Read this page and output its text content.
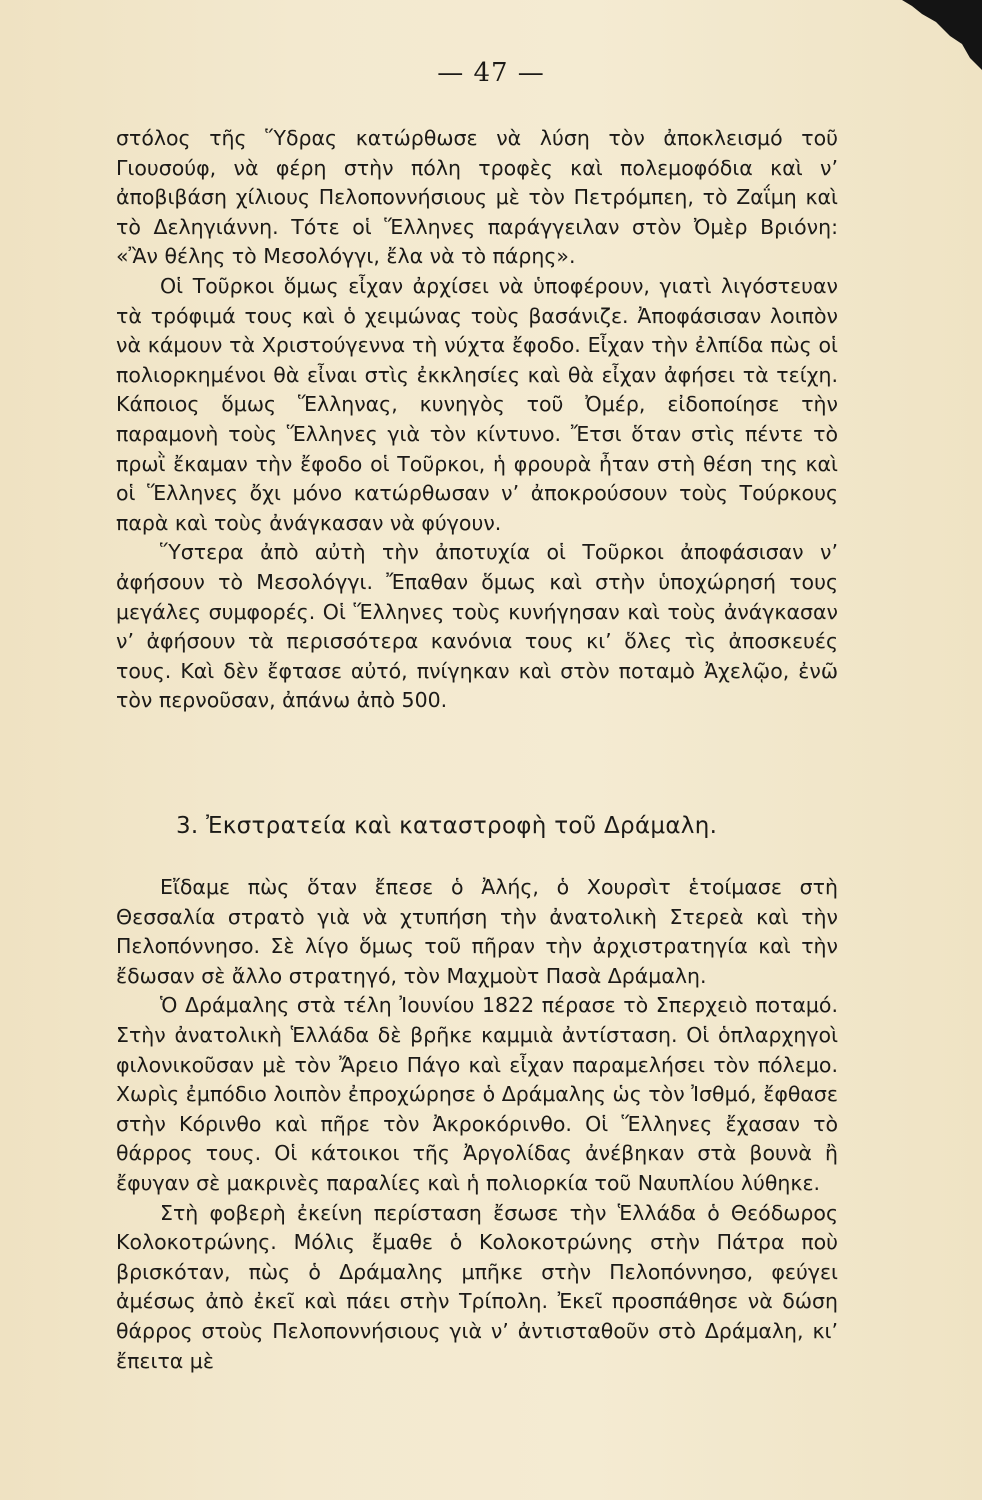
— 47 —

στόλος τῆς Ὕδρας κατώρθωσε νὰ λύση τὸν ἀποκλεισμό τοῦ Γιουσούφ, νὰ φέρη στὴν πόλη τροφὲς καὶ πολεμοφόδια καὶ ν’ ἀποβιβάση χίλιους Πελοποννήσιους μὲ τὸν Πετρόμπεη, τὸ Ζαΐμη καὶ τὸ Δεληγιάννη. Τότε οἱ Ἕλληνες παράγγειλαν στὸν Ὀμὲρ Βριόνη: «Ἂν θέλης τὸ Μεσολόγγι, ἔλα νὰ τὸ πάρης».

Οἱ Τοῦρκοι ὅμως εἶχαν ἀρχίσει νὰ ὑποφέρουν, γιατὶ λιγόστευαν τὰ τρόφιμά τους καὶ ὁ χειμώνας τοὺς βασάνιζε. Ἀποφάσισαν λοιπὸν νὰ κάμουν τὰ Χριστούγεννα τὴ νύχτα ἔφοδο. Εἶχαν τὴν ἐλπίδα πὼς οἱ πολιορκημένοι θὰ εἶναι στὶς ἐκκλησίες καὶ θὰ εἶχαν ἀφήσει τὰ τείχη. Κάποιος ὅμως Ἕλληνας, κυνηγὸς τοῦ Ὀμέρ, εἰδοποίησε τὴν παραμονὴ τοὺς Ἕλληνες γιὰ τὸν κίντυνο. Ἔτσι ὅταν στὶς πέντε τὸ πρωῒ ἔκαμαν τὴν ἔφοδο οἱ Τοῦρκοι, ἡ φρουρὰ ἦταν στὴ θέση της καὶ οἱ Ἕλληνες ὄχι μόνο κατώρθωσαν ν’ ἀποκρούσουν τοὺς Τούρκους παρὰ καὶ τοὺς ἀνάγκασαν νὰ φύγουν.

Ὕστερα ἀπὸ αὐτὴ τὴν ἀποτυχία οἱ Τοῦρκοι ἀποφάσισαν ν’ ἀφήσουν τὸ Μεσολόγγι. Ἔπαθαν ὅμως καὶ στὴν ὑποχώρησή τους μεγάλες συμφορές. Οἱ Ἕλληνες τοὺς κυνήγησαν καὶ τοὺς ἀνάγκασαν ν’ ἀφήσουν τὰ περισσότερα κανόνια τους κι’ ὅλες τὶς ἀποσκευές τους. Καὶ δὲν ἔφτασε αὐτό, πνίγηκαν καὶ στὸν ποταμὸ Ἀχελῷο, ἐνῶ τὸν περνοῦσαν, ἀπάνω ἀπὸ 500.

3. Ἐκστρατεία καὶ καταστροφὴ τοῦ Δράμαλη.

Εἴδαμε πὼς ὅταν ἔπεσε ὁ Ἀλής, ὁ Χουρσὶτ ἑτοίμασε στὴ Θεσσαλία στρατὸ γιὰ νὰ χτυπήση τὴν ἀνατολικὴ Στερεὰ καὶ τὴν Πελοπόννησο. Σὲ λίγο ὅμως τοῦ πῆραν τὴν ἀρχιστρατηγία καὶ τὴν ἔδωσαν σὲ ἄλλο στρατηγό, τὸν Μαχμοὺτ Πασὰ Δράμαλη.

Ὁ Δράμαλης στὰ τέλη Ἰουνίου 1822 πέρασε τὸ Σπερχειὸ ποταμό. Στὴν ἀνατολικὴ Ἑλλάδα δὲ βρῆκε καμμιὰ ἀντίσταση. Οἱ ὁπλαρχηγοὶ φιλονικοῦσαν μὲ τὸν Ἄρειο Πάγο καὶ εἶχαν παραμελήσει τὸν πόλεμο. Χωρὶς ἐμπόδιο λοιπὸν ἐπροχώρησε ὁ Δράμαλης ὡς τὸν Ἰσθμό, ἔφθασε στὴν Κόρινθο καὶ πῆρε τὸν Ἀκροκόρινθο. Οἱ Ἕλληνες ἔχασαν τὸ θάρρος τους. Οἱ κάτοικοι τῆς Ἀργολίδας ἀνέβηκαν στὰ βουνὰ ἢ ἔφυγαν σὲ μακρινὲς παραλίες καὶ ἡ πολιορκία τοῦ Ναυπλίου λύθηκε.

Στὴ φοβερὴ ἐκείνη περίσταση ἔσωσε τὴν Ἑλλάδα ὁ Θεόδωρος Κολοκοτρώνης. Μόλις ἔμαθε ὁ Κολοκοτρώνης στὴν Πάτρα ποὺ βρισκόταν, πὼς ὁ Δράμαλης μπῆκε στὴν Πελοπόννησο, φεύγει ἀμέσως ἀπὸ ἐκεῖ καὶ πάει στὴν Τρίπολη. Ἐκεῖ προσπάθησε νὰ δώση θάρρος στοὺς Πελοποννήσιους γιὰ ν’ ἀντισταθοῦν στὸ Δράμαλη, κι’ ἔπειτα μὲ
